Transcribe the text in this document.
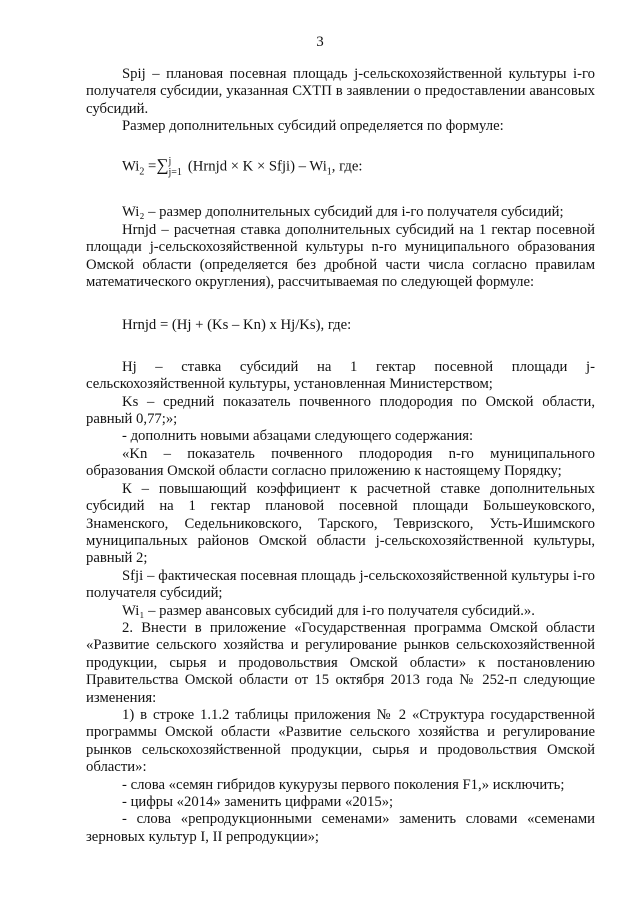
3

Spij – плановая посевная площадь j-сельскохозяйственной культуры i-го получателя субсидии, указанная СХТП в заявлении о предоставлении авансовых субсидий.

Размер дополнительных субсидий определяется по формуле:

$Wi_2$ =∑ j
j=1 (Hrnjd × K × Sfji) – $Wi_1$, где:

Wi₂ – размер дополнительных субсидий для i-го получателя субсидий;

Hrnjd – расчетная ставка дополнительных субсидий на 1 гектар посевной площади j-сельскохозяйственной культуры n-го муниципального образования Омской области (определяется без дробной части числа согласно правилам математического округления), рассчитываемая по следующей формуле:

Hrnjd = (Hj + (Ks – Kn) x Hj/Ks), где:

Hj – ставка субсидий на 1 гектар посевной площади j-сельскохозяйственной культуры, установленная Министерством;

Ks – средний показатель почвенного плодородия по Омской области, равный 0,77;»;

- дополнить новыми абзацами следующего содержания:

«Kn – показатель почвенного плодородия n-го муниципального образования Омской области согласно приложению к настоящему Порядку;

К – повышающий коэффициент к расчетной ставке дополнительных субсидий на 1 гектар плановой посевной площади Большеуковского, Знаменского, Седельниковского, Тарского, Тевризского, Усть-Ишимского муниципальных районов Омской области j-сельскохозяйственной культуры, равный 2;

Sfji – фактическая посевная площадь j-сельскохозяйственной культуры i-го получателя субсидий;

Wi₁ – размер авансовых субсидий для i-го получателя субсидий.».

2. Внести в приложение «Государственная программа Омской области «Развитие сельского хозяйства и регулирование рынков сельскохозяйственной продукции, сырья и продовольствия Омской области» к постановлению Правительства Омской области от 15 октября 2013 года № 252-п следующие изменения:

1) в строке 1.1.2 таблицы приложения № 2 «Структура государственной программы Омской области «Развитие сельского хозяйства и регулирование рынков сельскохозяйственной продукции, сырья и продовольствия Омской области»:

- слова «семян гибридов кукурузы первого поколения F1,» исключить;

- цифры «2014» заменить цифрами «2015»;

- слова «репродукционными семенами» заменить словами «семенами зерновых культур I, II репродукции»;
